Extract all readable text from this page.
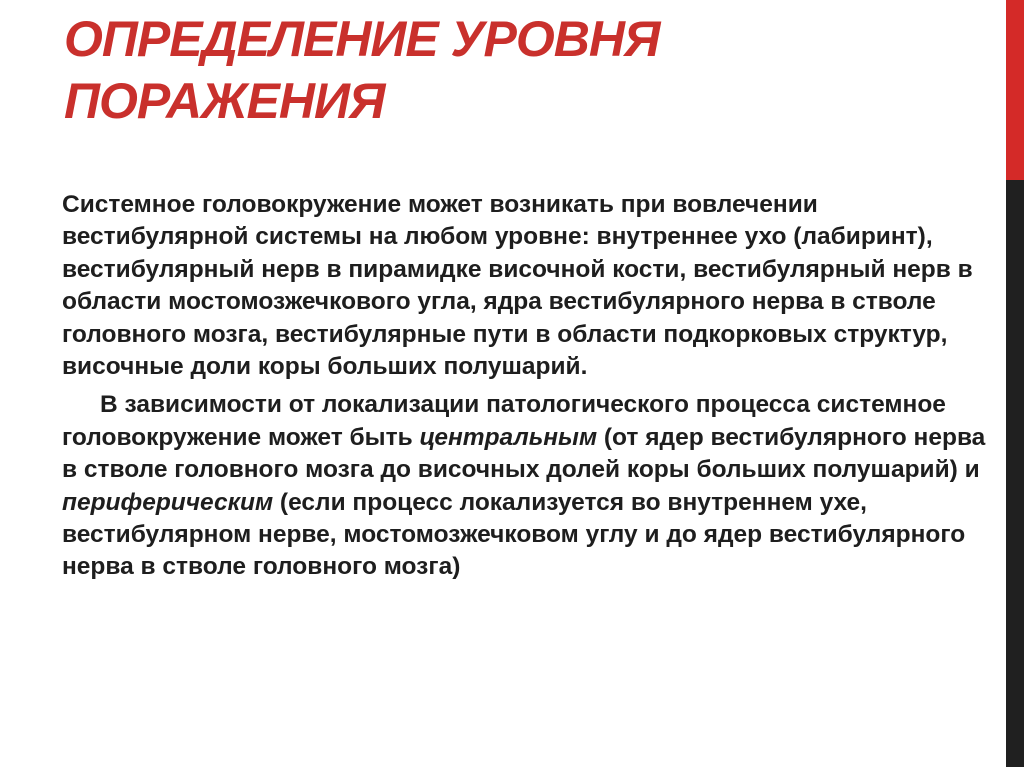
ОПРЕДЕЛЕНИЕ УРОВНЯ
ПОРАЖЕНИЯ

Системное головокружение может возникать при вовлечении вестибулярной системы на любом уровне: внутреннее ухо (лабиринт), вестибулярный нерв в пирамидке височной кости, вестибулярный нерв в области мостомозжечкового угла, ядра вестибулярного нерва в стволе головного мозга, вестибулярные пути в области подкорковых структур, височные доли коры больших полушарий.

В зависимости от локализации патологического процесса системное головокружение может быть центральным (от ядер вестибулярного нерва в стволе головного мозга до височных долей коры больших полушарий) и периферическим (если процесс локализуется во внутреннем ухе, вестибулярном нерве, мостомозжечковом углу и до ядер вестибулярного нерва в стволе головного мозга)
